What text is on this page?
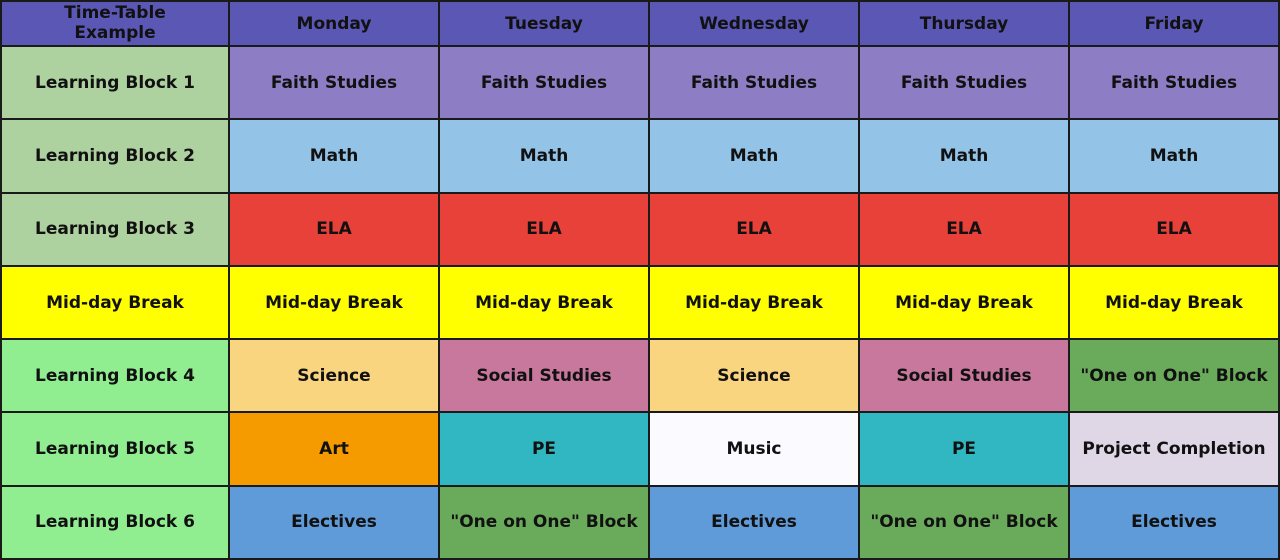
Time-Table
Example	Monday	Tuesday	Wednesday	Thursday	Friday
Learning Block 1	Faith Studies	Faith Studies	Faith Studies	Faith Studies	Faith Studies
Learning Block 2	Math	Math	Math	Math	Math
Learning Block 3	ELA	ELA	ELA	ELA	ELA
Mid-day Break	Mid-day Break	Mid-day Break	Mid-day Break	Mid-day Break	Mid-day Break
Learning Block 4	Science	Social Studies	Science	Social Studies	"One on One" Block
Learning Block 5	Art	PE	Music	PE	Project Completion
Learning Block 6	Electives	"One on One" Block	Electives	"One on One" Block	Electives
